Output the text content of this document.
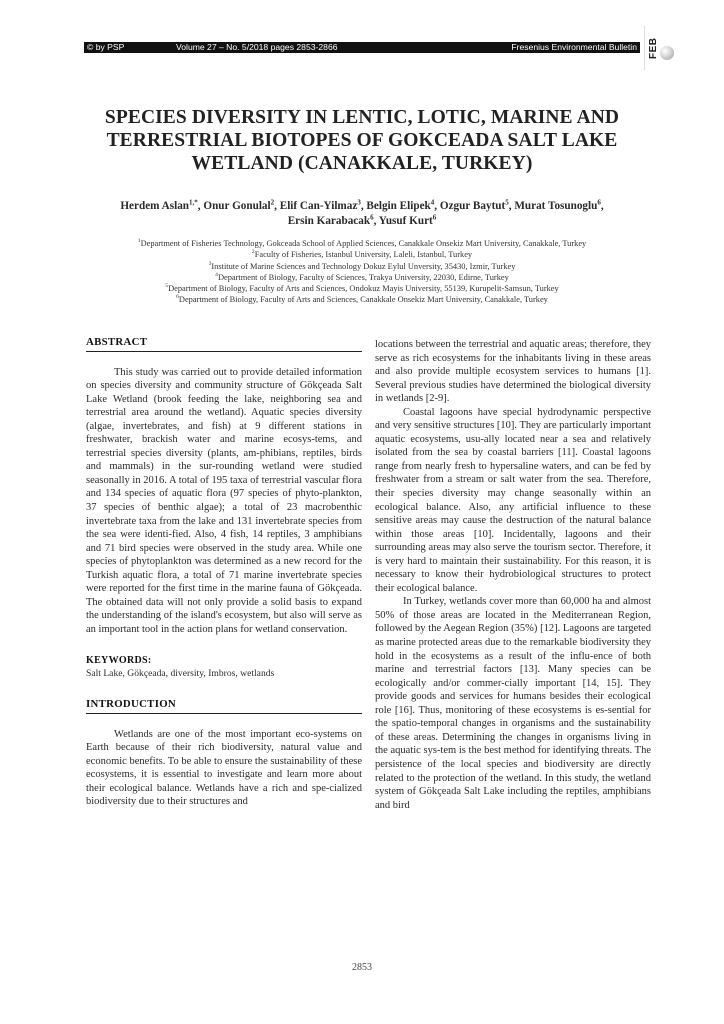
© by PSP	Volume 27 – No. 5/2018 pages 2853-2866	Fresenius Environmental Bulletin FEB
SPECIES DIVERSITY IN LENTIC, LOTIC, MARINE AND
TERRESTRIAL BIOTOPES OF GOKCEADA SALT LAKE
WETLAND (CANAKKALE, TURKEY)
Herdem Aslan$^{1,*}$, Onur Gonulal$^2$, Elif Can-Yilmaz$^3$, Belgin Elipek$^4$, Ozgur Baytut$^5$, Murat Tosunoglu$^6$,
Ersin Karabacak$^6$, Yusuf Kurt$^6$
$^1$Department of Fisheries Technology, Gokceada School of Applied Sciences, Canakkale Onsekiz Mart University, Canakkale, Turkey
$^2$Faculty of Fisheries, Istanbul University, Laleli, Istanbul, Turkey
$^3$Institute of Marine Sciences and Technology Dokuz Eylul Unversity, 35430, Izmir, Turkey
$^4$Department of Biology, Faculty of Sciences, Trakya University, 22030, Edirne, Turkey
$^5$Department of Biology, Faculty of Arts and Sciences, Ondokuz Mayis University, 55139, Kurupelit-Samsun, Turkey
$^6$Department of Biology, Faculty of Arts and Sciences, Canakkale Onsekiz Mart University, Canakkale, Turkey
ABSTRACT

This study was carried out to provide detailed information on species diversity and community structure of Gökçeada Salt Lake Wetland (brook feeding the lake, neighboring sea and terrestrial area around the wetland). Aquatic species diversity (algae, invertebrates, and fish) at 9 different stations in freshwater, brackish water and marine ecosys-tems, and terrestrial species diversity (plants, am-phibians, reptiles, birds and mammals) in the sur-rounding wetland were studied seasonally in 2016. A total of 195 taxa of terrestrial vascular flora and 134 species of aquatic flora (97 species of phyto-plankton, 37 species of benthic algae); a total of 23 macrobenthic invertebrate taxa from the lake and 131 invertebrate species from the sea were identi-fied. Also, 4 fish, 14 reptiles, 3 amphibians and 71 bird species were observed in the study area. While one species of phytoplankton was determined as a new record for the Turkish aquatic flora, a total of 71 marine invertebrate species were reported for the first time in the marine fauna of Gökçeada. The obtained data will not only provide a solid basis to expand the understanding of the island's ecosystem, but also will serve as an important tool in the action plans for wetland conservation.

KEYWORDS:
Salt Lake, Gökçeada, diversity, Imbros, wetlands
INTRODUCTION

Wetlands are one of the most important eco-systems on Earth because of their rich biodiversity, natural value and economic benefits. To be able to ensure the sustainability of these ecosystems, it is essential to investigate and learn more about their ecological balance. Wetlands have a rich and spe-cialized biodiversity due to their structures and

locations between the terrestrial and aquatic areas; therefore, they serve as rich ecosystems for the inhabitants living in these areas and also provide multiple ecosystem services to humans [1]. Several previous studies have determined the biological diversity in wetlands [2-9].

Coastal lagoons have special hydrodynamic perspective and very sensitive structures [10]. They are particularly important aquatic ecosystems, usu-ally located near a sea and relatively isolated from the sea by coastal barriers [11]. Coastal lagoons range from nearly fresh to hypersaline waters, and can be fed by freshwater from a stream or salt water from the sea. Therefore, their species diversity may change seasonally within an ecological balance. Also, any artificial influence to these sensitive areas may cause the destruction of the natural balance within those areas [10]. Incidentally, lagoons and their surrounding areas may also serve the tourism sector. Therefore, it is very hard to maintain their sustainability. For this reason, it is necessary to know their hydrobiological structures to protect their ecological balance.

In Turkey, wetlands cover more than 60,000 ha and almost 50% of those areas are located in the Mediterranean Region, followed by the Aegean Region (35%) [12]. Lagoons are targeted as marine protected areas due to the remarkable biodiversity they hold in the ecosystems as a result of the influ-ence of both marine and terrestrial factors [13]. Many species can be ecologically and/or commer-cially important [14, 15]. They provide goods and services for humans besides their ecological role [16]. Thus, monitoring of these ecosystems is es-sential for the spatio-temporal changes in organisms and the sustainability of these areas. Determining the changes in organisms living in the aquatic sys-tem is the best method for identifying threats. The persistence of the local species and biodiversity are directly related to the protection of the wetland. In this study, the wetland system of Gökçeada Salt Lake including the reptiles, amphibians and bird

2853
